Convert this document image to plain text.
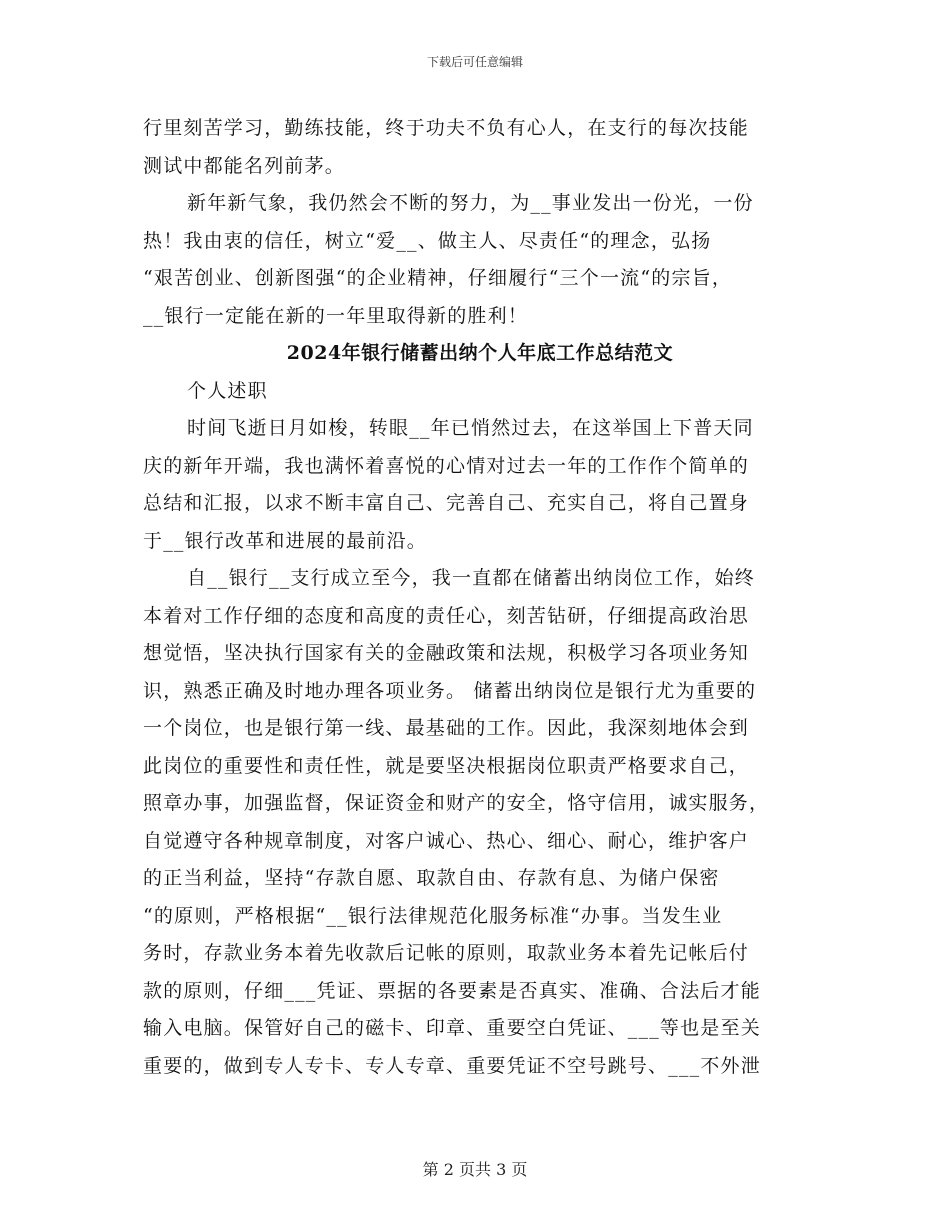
下载后可任意编辑
行里刻苦学习，勤练技能，终于功夫不负有心人，在支行的每次技能
测试中都能名列前茅。
新年新气象，我仍然会不断的努力，为__事业发出一份光，一份
热！我由衷的信任，树立“爱__、做主人、尽责任“的理念，弘扬
“艰苦创业、创新图强“的企业精神，仔细履行“三个一流“的宗旨，
__银行一定能在新的一年里取得新的胜利！
2024年银行储蓄出纳个人年底工作总结范文
个人述职
时间飞逝日月如梭，转眼__年已悄然过去，在这举国上下普天同
庆的新年开端，我也满怀着喜悦的心情对过去一年的工作作个简单的
总结和汇报，以求不断丰富自己、完善自己、充实自己，将自己置身
于__银行改革和进展的最前沿。
自__银行__支行成立至今，我一直都在储蓄出纳岗位工作，始终
本着对工作仔细的态度和高度的责任心，刻苦钻研，仔细提高政治思
想觉悟，坚决执行国家有关的金融政策和法规，积极学习各项业务知
识，熟悉正确及时地办理各项业务。 储蓄出纳岗位是银行尤为重要的
一个岗位，也是银行第一线、最基础的工作。因此，我深刻地体会到
此岗位的重要性和责任性，就是要坚决根据岗位职责严格要求自己，
照章办事，加强监督，保证资金和财产的安全，恪守信用，诚实服务，
自觉遵守各种规章制度，对客户诚心、热心、细心、耐心，维护客户
的正当利益，坚持“存款自愿、取款自由、存款有息、为储户保密
“的原则，严格根据“__银行法律规范化服务标准“办事。当发生业
务时，存款业务本着先收款后记帐的原则，取款业务本着先记帐后付
款的原则，仔细___凭证、票据的各要素是否真实、准确、合法后才能
输入电脑。保管好自己的磁卡、印章、重要空白凭证、___等也是至关
重要的，做到专人专卡、专人专章、重要凭证不空号跳号、___不外泄
第 2 页共 3 页
